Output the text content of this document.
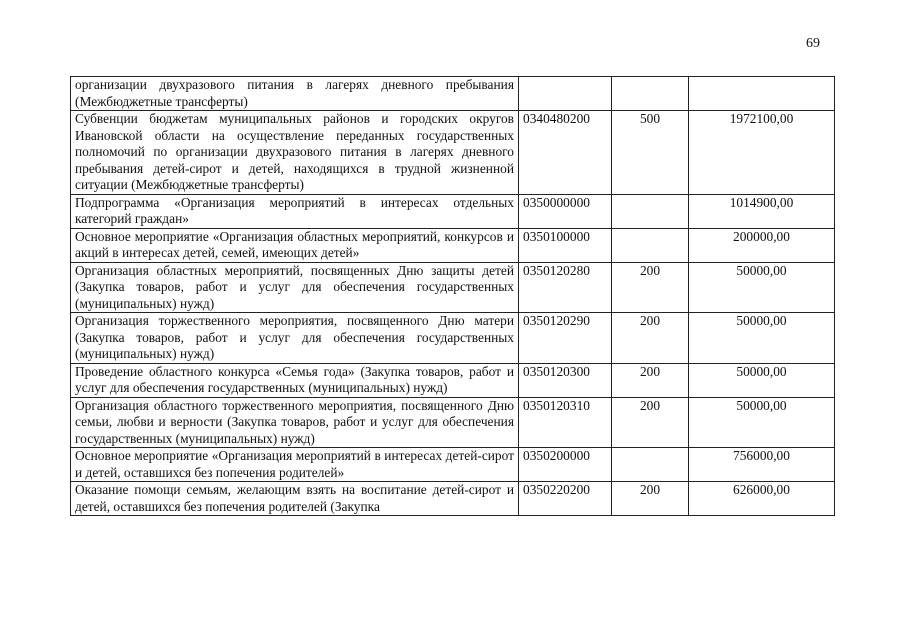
69
организации двухразового питания в лагерях дневного пребывания (Межбюджетные трансферты)			
Субвенции бюджетам муниципальных районов и городских округов Ивановской области на осуществление переданных государственных полномочий по организации двухразового питания в лагерях дневного пребывания детей-сирот и детей, находящихся в трудной жизненной ситуации (Межбюджетные трансферты)	0340480200	500	1972100,00
Подпрограмма «Организация мероприятий в интересах отдельных категорий граждан»	0350000000		1014900,00
Основное мероприятие «Организация областных мероприятий, конкурсов и акций в интересах детей, семей, имеющих детей»	0350100000		200000,00
Организация областных мероприятий, посвященных Дню защиты детей (Закупка товаров, работ и услуг для обеспечения государственных (муниципальных) нужд)	0350120280	200	50000,00
Организация торжественного мероприятия, посвященного Дню матери (Закупка товаров, работ и услуг для обеспечения государственных (муниципальных) нужд)	0350120290	200	50000,00
Проведение областного конкурса «Семья года» (Закупка товаров, работ и услуг для обеспечения государственных (муниципальных) нужд)	0350120300	200	50000,00
Организация областного торжественного мероприятия, посвященного Дню семьи, любви и верности (Закупка товаров, работ и услуг для обеспечения государственных (муниципальных) нужд)	0350120310	200	50000,00
Основное мероприятие «Организация мероприятий в интересах детей-сирот и детей, оставшихся без попечения родителей»	0350200000		756000,00
Оказание помощи семьям, желающим взять на воспитание детей-сирот и детей, оставшихся без попечения родителей (Закупка	0350220200	200	626000,00
